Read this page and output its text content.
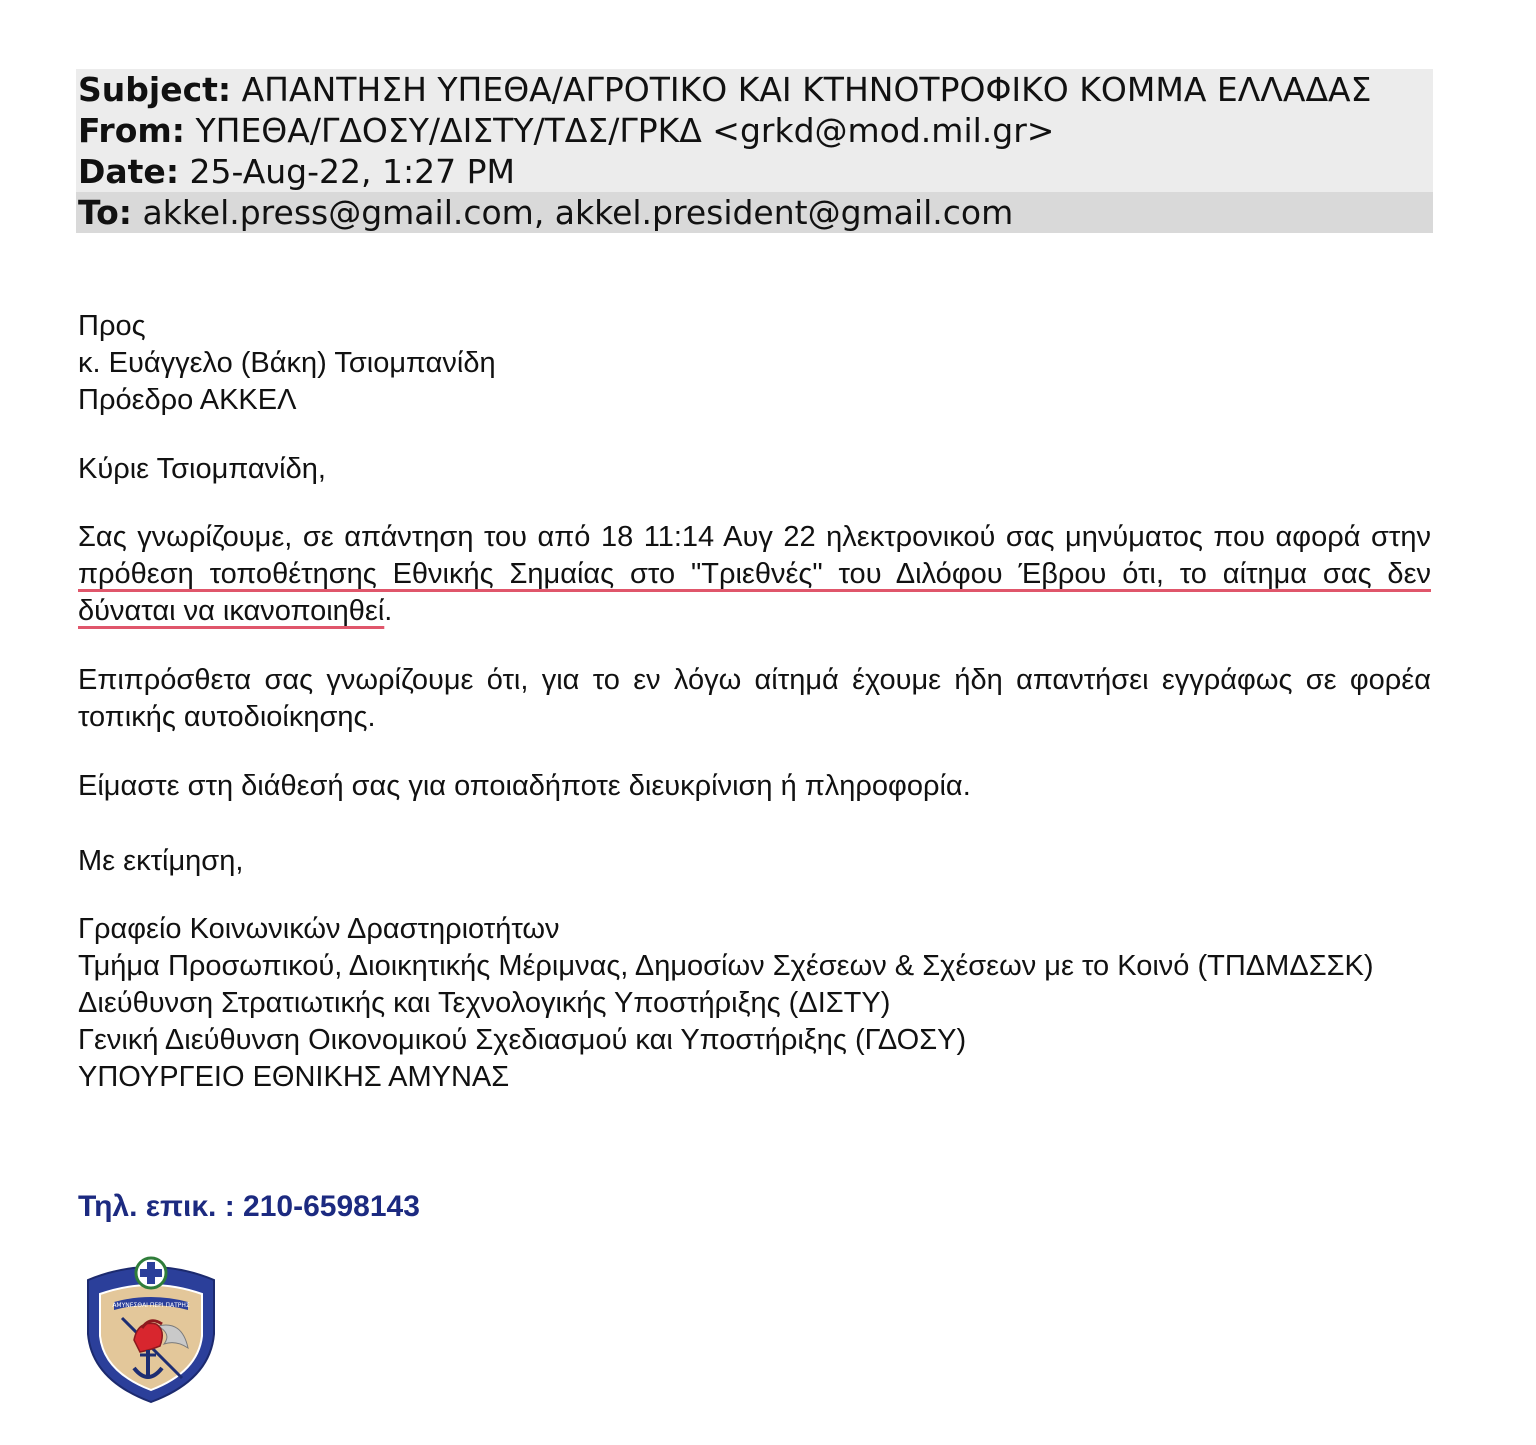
Subject: ΑΠΑΝΤΗΣΗ ΥΠΕΘΑ/ΑΓΡΟΤΙΚΟ ΚΑΙ ΚΤΗΝΟΤΡΟΦΙΚΟ ΚΟΜΜΑ ΕΛΛΑΔΑΣ
From: ΥΠΕΘΑ/ΓΔΟΣΥ/ΔΙΣΤΥ/ΤΔΣ/ΓΡΚΔ <grkd@mod.mil.gr>
Date: 25-Aug-22, 1:27 PM
To: akkel.press@gmail.com, akkel.president@gmail.com
Προς
κ. Ευάγγελο (Βάκη) Τσιομπανίδη
Πρόεδρο ΑΚΚΕΛ
Κύριε Τσιομπανίδη,
Σας γνωρίζουμε, σε απάντηση του από 18 11:14 Αυγ 22 ηλεκτρονικού σας μηνύματος που αφορά στην πρόθεση τοποθέτησης Εθνικής Σημαίας στο "Τριεθνές" του Διλόφου Έβρου ότι, το αίτημα σας δεν δύναται να ικανοποιηθεί.
Επιπρόσθετα σας γνωρίζουμε ότι, για το εν λόγω αίτημά έχουμε ήδη απαντήσει εγγράφως σε φορέα τοπικής αυτοδιοίκησης.
Είμαστε στη διάθεσή σας για οποιαδήποτε διευκρίνιση ή πληροφορία.
Με εκτίμηση,
Γραφείο Κοινωνικών Δραστηριοτήτων
Τμήμα Προσωπικού, Διοικητικής Μέριμνας, Δημοσίων Σχέσεων & Σχέσεων με το Κοινό (ΤΠΔΜΔΣΣΚ)
Διεύθυνση Στρατιωτικής και Τεχνολογικής Υποστήριξης (ΔΙΣΤΥ)
Γενική Διεύθυνση Οικονομικού Σχεδιασμού και Υποστήριξης (ΓΔΟΣΥ)
ΥΠΟΥΡΓΕΙΟ ΕΘΝΙΚΗΣ ΑΜΥΝΑΣ
Τηλ. επικ. : 210-6598143
ΑΜΥΝΕΣΘΑΙ ΠΕΡΙ ΠΑΤΡΗΣ
